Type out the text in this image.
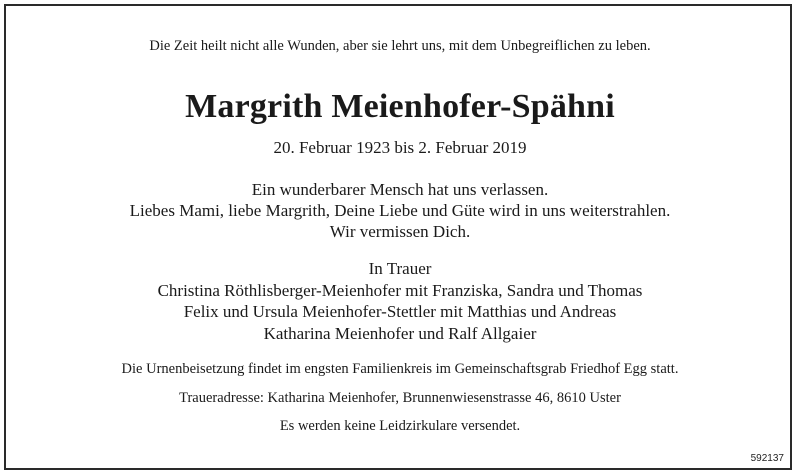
Die Zeit heilt nicht alle Wunden, aber sie lehrt uns, mit dem Unbegreiflichen zu leben.
Margrith Meienhofer-Spähni
20. Februar 1923 bis 2. Februar 2019
Ein wunderbarer Mensch hat uns verlassen.
Liebes Mami, liebe Margrith, Deine Liebe und Güte wird in uns weiterstrahlen.
Wir vermissen Dich.
In Trauer
Christina Röthlisberger-Meienhofer mit Franziska, Sandra und Thomas
Felix und Ursula Meienhofer-Stettler mit Matthias und Andreas
Katharina Meienhofer und Ralf Allgaier
Die Urnenbeisetzung findet im engsten Familienkreis im Gemeinschaftsgrab Friedhof Egg statt.
Traueradresse: Katharina Meienhofer, Brunnenwiesenstrasse 46, 8610 Uster
Es werden keine Leidzirkulare versendet.
592137
